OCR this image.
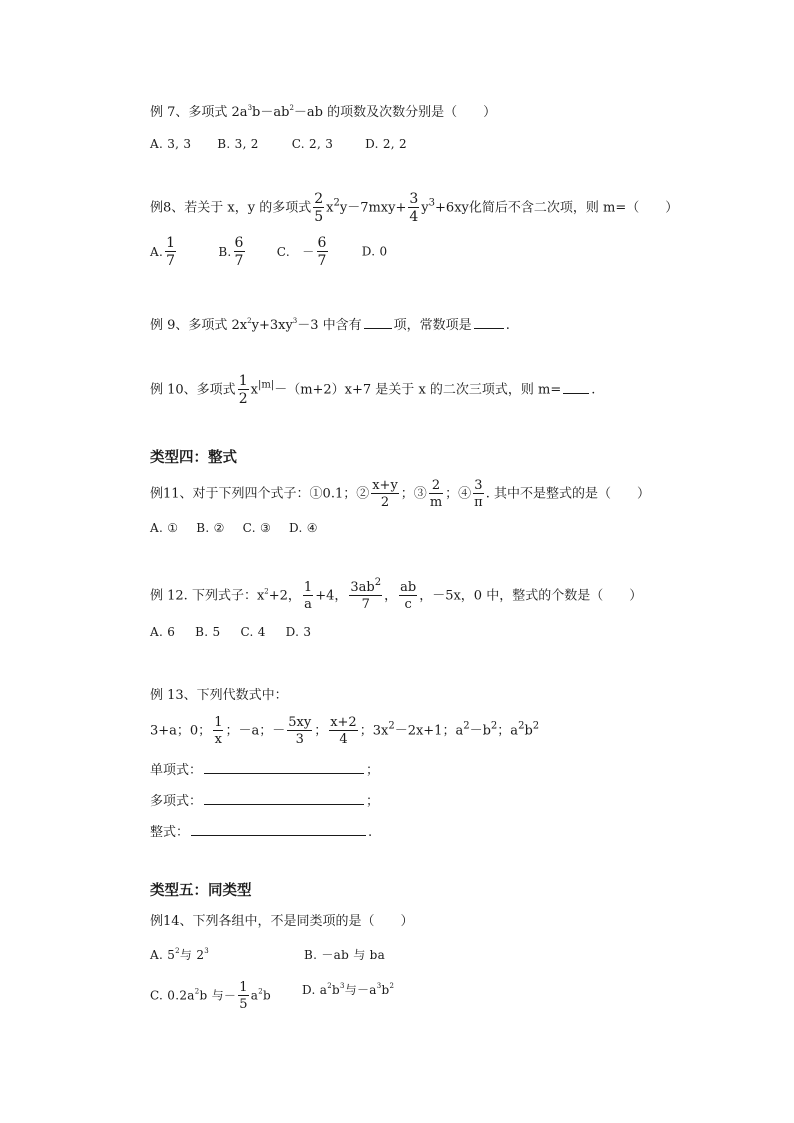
例 7、多项式 $2a^3b-ab^2-ab$ 的项数及次数分别是（　　）
A. 3, 3 B. 3, 2	C. 2, 3	D. 2, 2
例8、若关于 x，y 的多项式 $\frac{2}{5} x^2y-7mxy+ \frac{3}{4} y^3+6xy$化简后不含二次项，则 m=（　　）
A. $\frac{1}{7}$	B. $\frac{6}{7}$	C.　－ $\frac{6}{7}$	D. 0
例 9、多项式 $2x^2y+3xy^3-3$ 中含有 项，常数项是	.
例 10、多项式 $\frac{1}{2} x^{|m|}-(m+2)x+7$ 是关于 x 的二次三项式，则 m= .
类型四：整式
例11、对于下列四个式子：①0.1；② $\frac{x+y}{2}$ ；③ $\frac{2}{m}$ ；④ $\frac{3}{\pi}$ . 其中不是整式的是（　　）
A. ① B. ② C. ③ D. ④
例 12. 下列式子：$x^2+2$， $\frac{1}{a} +4$， $\frac{3ab^2}{7}$ ， $\frac{ab}{c}$ ，－5x，0 中，整式的个数是（　　）
A. 6 B. 5 C. 4 D. 3
例 13、下列代数式中：
3+a；0； $\frac{1}{x}$ ；－a；－ $\frac{5xy}{3}$ ； $\frac{x+2}{4}$ ；$3x^2-2x+1$；$a^2-b^2$；$a^2b^2$
单项式：	；
多项式：	；
整式：	.
类型五：同类型
例14、下列各组中，不是同类项的是（　　）
A. $5^2$与 $2^3$	B. －ab 与 ba
C. $0.2a^2b$ 与－ $\frac{1}{5} a^2b$	D. $a^2b^3$与$-a^3b^2$
